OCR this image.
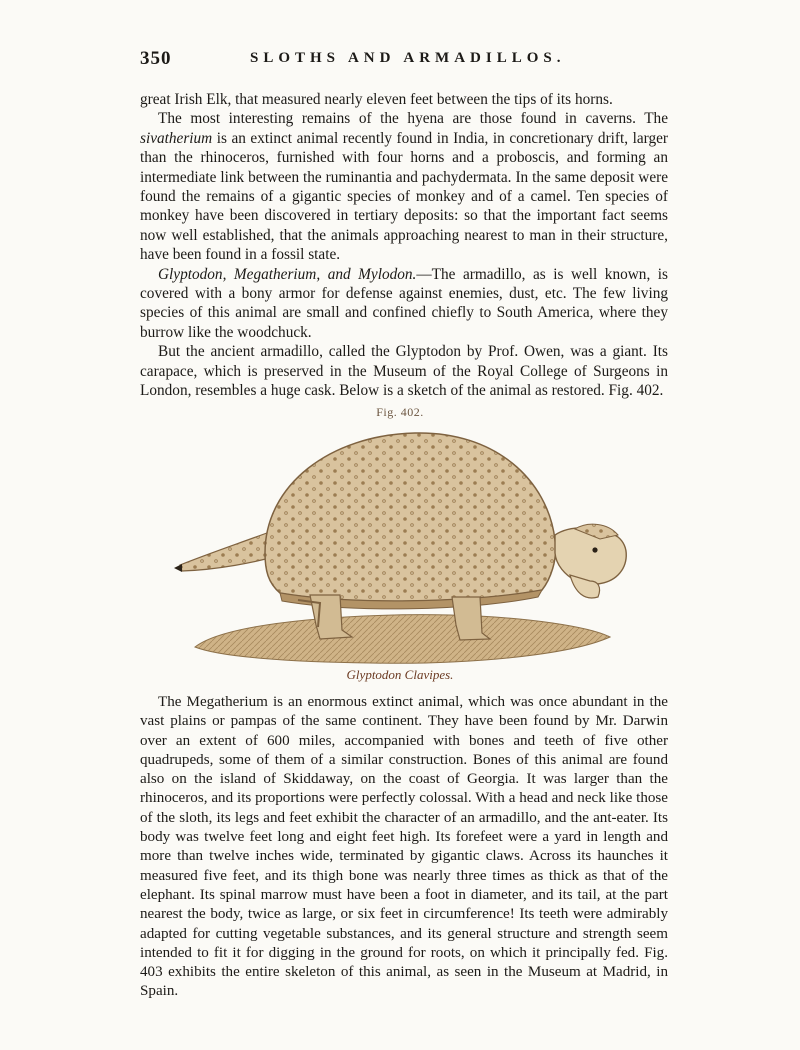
350	SLOTHS AND ARMADILLOS.

great Irish Elk, that measured nearly eleven feet between the tips of its horns.

The most interesting remains of the hyena are those found in caverns. The sivatherium is an extinct animal recently found in India, in concretionary drift, larger than the rhinoceros, furnished with four horns and a proboscis, and forming an intermediate link between the ruminantia and pachydermata. In the same deposit were found the remains of a gigantic species of monkey and of a camel. Ten species of monkey have been discovered in tertiary deposits: so that the important fact seems now well established, that the animals approaching nearest to man in their structure, have been found in a fossil state.

Glyptodon, Megatherium, and Mylodon.—The armadillo, as is well known, is covered with a bony armor for defense against enemies, dust, etc. The few living species of this animal are small and confined chiefly to South America, where they burrow like the woodchuck.

But the ancient armadillo, called the Glyptodon by Prof. Owen, was a giant. Its carapace, which is preserved in the Museum of the Royal College of Surgeons in London, resembles a huge cask. Below is a sketch of the animal as restored. Fig. 402.

Fig. 402.
Glyptodon Clavipes.

The Megatherium is an enormous extinct animal, which was once abundant in the vast plains or pampas of the same continent. They have been found by Mr. Darwin over an extent of 600 miles, accompanied with bones and teeth of five other quadrupeds, some of them of a similar construction. Bones of this animal are found also on the island of Skiddaway, on the coast of Georgia. It was larger than the rhinoceros, and its proportions were perfectly colossal. With a head and neck like those of the sloth, its legs and feet exhibit the character of an armadillo, and the ant-eater. Its body was twelve feet long and eight feet high. Its forefeet were a yard in length and more than twelve inches wide, terminated by gigantic claws. Across its haunches it measured five feet, and its thigh bone was nearly three times as thick as that of the elephant. Its spinal marrow must have been a foot in diameter, and its tail, at the part nearest the body, twice as large, or six feet in circumference! Its teeth were admirably adapted for cutting vegetable substances, and its general structure and strength seem intended to fit it for digging in the ground for roots, on which it principally fed. Fig. 403 exhibits the entire skeleton of this animal, as seen in the Museum at Madrid, in Spain.
